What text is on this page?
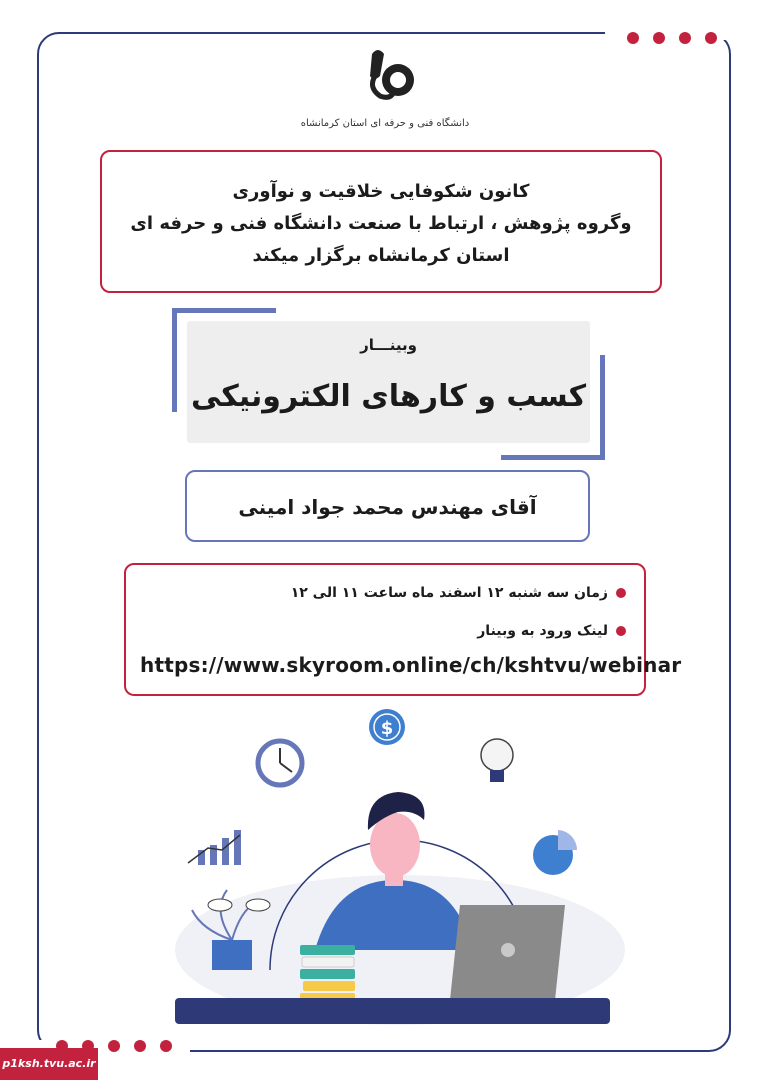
دانشگاه فنی و حرفه ای استان کرمانشاه
کانون شکوفایی خلاقیت و نوآوری
وگروه پژوهش ، ارتباط با صنعت دانشگاه فنی و حرفه ای
استان کرمانشاه برگزار میکند
وبینـــار
کسب و کارهای الکترونیکی
آقای مهندس محمد جواد امینی
زمان سه شنبه ۱۲ اسفند ماه ساعت ۱۱ الی ۱۲
لینک ورود به وبینار
https://www.skyroom.online/ch/kshtvu/webinar
$
p1ksh.tvu.ac.ir
